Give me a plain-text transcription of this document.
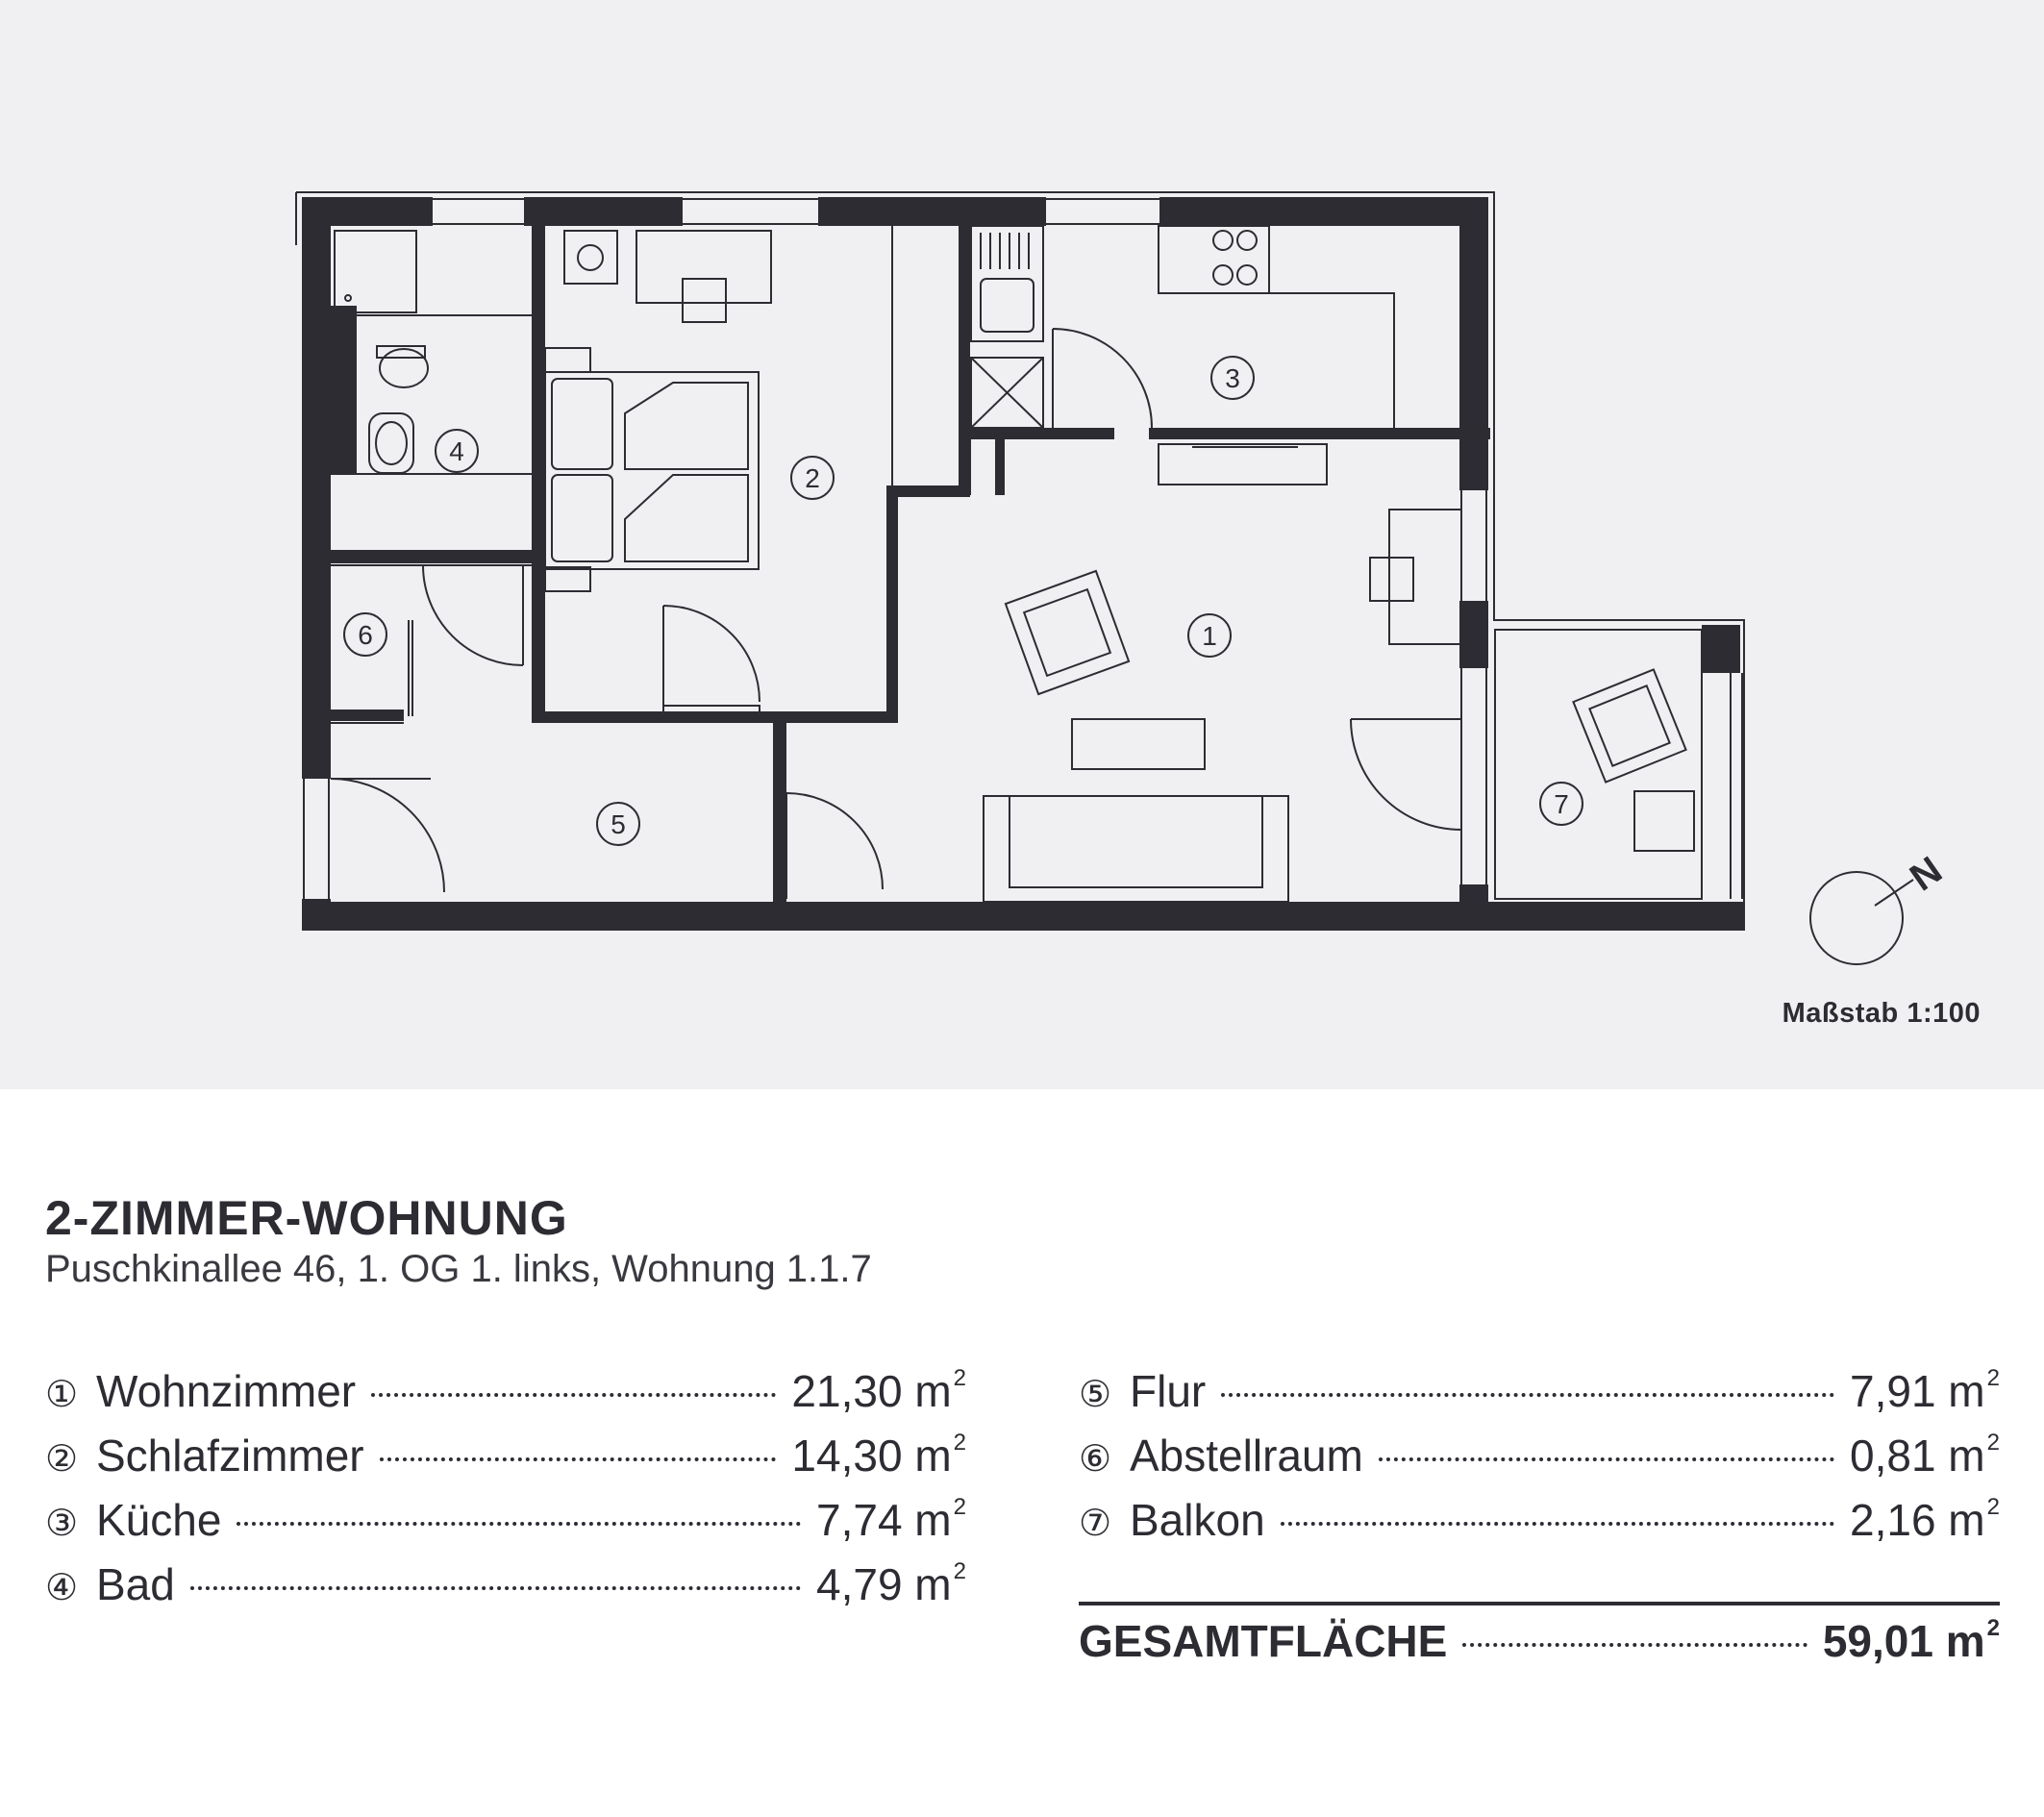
1
2
3
4
5
6
7
N
Maßstab 1:100
2-ZIMMER-WOHNUNG
Puschkinallee 46, 1. OG 1. links, Wohnung 1.1.7
① Wohnzimmer	21,30 $m^2$
② Schlafzimmer	14,30 $m^2$
③ Küche	7,74 $m^2$
④ Bad	4,79 $m^2$
⑤ Flur	7,91 $m^2$
⑥ Abstellraum	0,81 $m^2$
⑦ Balkon	2,16 $m^2$
GESAMTFLÄCHE	59,01 $m^2$
